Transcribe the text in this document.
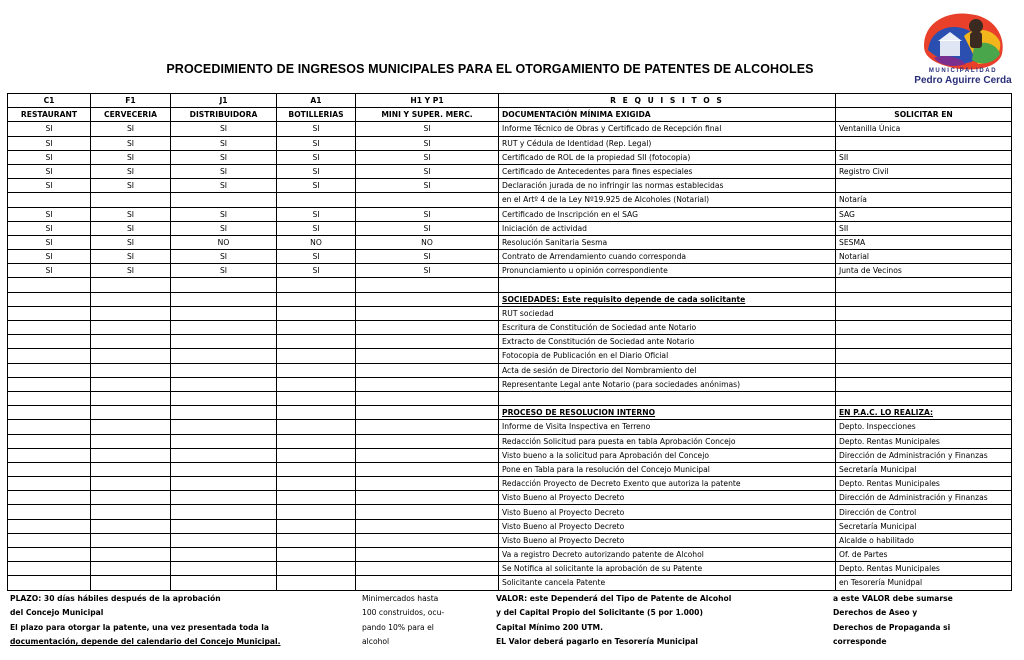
PROCEDIMIENTO DE INGRESOS MUNICIPALES PARA EL OTORGAMIENTO DE PATENTES DE ALCOHOLES	MUNICIPALIDAD
Pedro Aguirre Cerda
C1	F1	J1	A1	H1 Y P1	R E Q U I S I T O S	
RESTAURANT	CERVECERIA	DISTRIBUIDORA	BOTILLERIAS	MINI Y SUPER. MERC.	DOCUMENTACIÓN MÍNIMA EXIGIDA	SOLICITAR EN
SI	SI	SI	SI	SI	Informe Técnico de Obras y Certificado de Recepción final	Ventanilla Única
SI	SI	SI	SI	SI	RUT y Cédula de Identidad (Rep. Legal)	
SI	SI	SI	SI	SI	Certificado de ROL de la propiedad SII (fotocopia)	SII
SI	SI	SI	SI	SI	Certificado de Antecedentes para fines especiales	Registro Civil
SI	SI	SI	SI	SI	Declaración jurada de no infringir las normas establecidas	
					en el Artº 4 de la Ley Nº19.925 de Alcoholes (Notarial)	Notaría
SI	SI	SI	SI	SI	Certificado de Inscripción en el SAG	SAG
SI	SI	SI	SI	SI	Iniciación de actividad	SII
SI	SI	NO	NO	NO	Resolución Sanitaria Sesma	SESMA
SI	SI	SI	SI	SI	Contrato de Arrendamiento cuando corresponda	Notarial
SI	SI	SI	SI	SI	Pronunciamiento u opinión correspondiente	Junta de Vecinos

					SOCIEDADES: Este requisito depende de cada solicitante	
					RUT sociedad	
					Escritura de Constitución de Sociedad ante Notario	
					Extracto de Constitución de Sociedad ante Notario	
					Fotocopia de Publicación en el Diario Oficial	
					Acta de sesión de Directorio del Nombramiento del	
					Representante Legal ante Notario (para sociedades anónimas)	

					PROCESO DE RESOLUCION INTERNO	EN P.A.C. LO REALIZA:
					Informe de Visita Inspectiva en Terreno	Depto. Inspecciones
					Redacción Solicitud para puesta en tabla Aprobación Concejo	Depto. Rentas Municipales
					Visto bueno a la solicitud para Aprobación del Concejo	Dirección de Administración y Finanzas
					Pone en Tabla para la resolución del Concejo Municipal	Secretaría Municipal
					Redacción Proyecto de Decreto Exento que autoriza la patente	Depto. Rentas Municipales
					Visto Bueno al Proyecto Decreto	Dirección de Administración y Finanzas
					Visto Bueno al Proyecto Decreto	Dirección de Control
					Visto Bueno al Proyecto Decreto	Secretaría Municipal
					Visto Bueno al Proyecto Decreto	Alcalde o habilitado
					Va a registro Decreto autorizando patente de Alcohol	Of. de Partes
					Se Notifica al solicitante la aprobación de su Patente	Depto. Rentas Municipales
					Solicitante cancela Patente	en Tesorería Munidpal
PLAZO: 30 días hábiles después de la aprobación
del Concejo Municipal
El plazo para otorgar la patente, una vez presentada toda la
documentación, depende del calendario del Concejo Municipal.
Minimercados hasta
100 construidos, ocu-
pando 10% para el
alcohol
VALOR: este Dependerá del Tipo de Patente de Alcohol
y del Capital Propio del Solicitante (5 por 1.000)
Capital Mínimo 200 UTM.
EL Valor deberá pagarlo en Tesorería Municipal
a este VALOR debe sumarse
Derechos de Aseo y
Derechos de Propaganda si
corresponde
